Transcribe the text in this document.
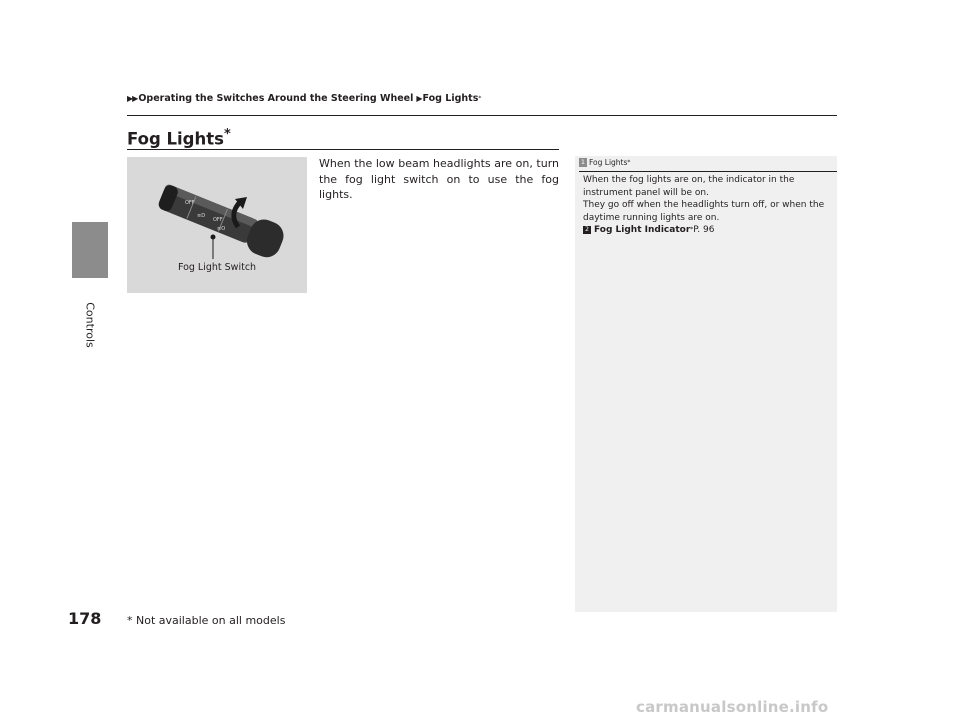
Controls
178
▶▶ Operating the Switches Around the Steering Wheel ▶ Fog Lights *
Fog Lights*
When the low beam headlights are on, turn the fog light switch on to use the fog lights.
OFF
≡D
OFF
≡O
Fog Light Switch
1 Fog Lights *

When the fog lights are on, the indicator in the instrument panel will be on.

They go off when the headlights turn off, or when the daytime running lights are on.

2 Fog Light Indicator * P. 96

* Not available on all models
carmanualsonline.info
